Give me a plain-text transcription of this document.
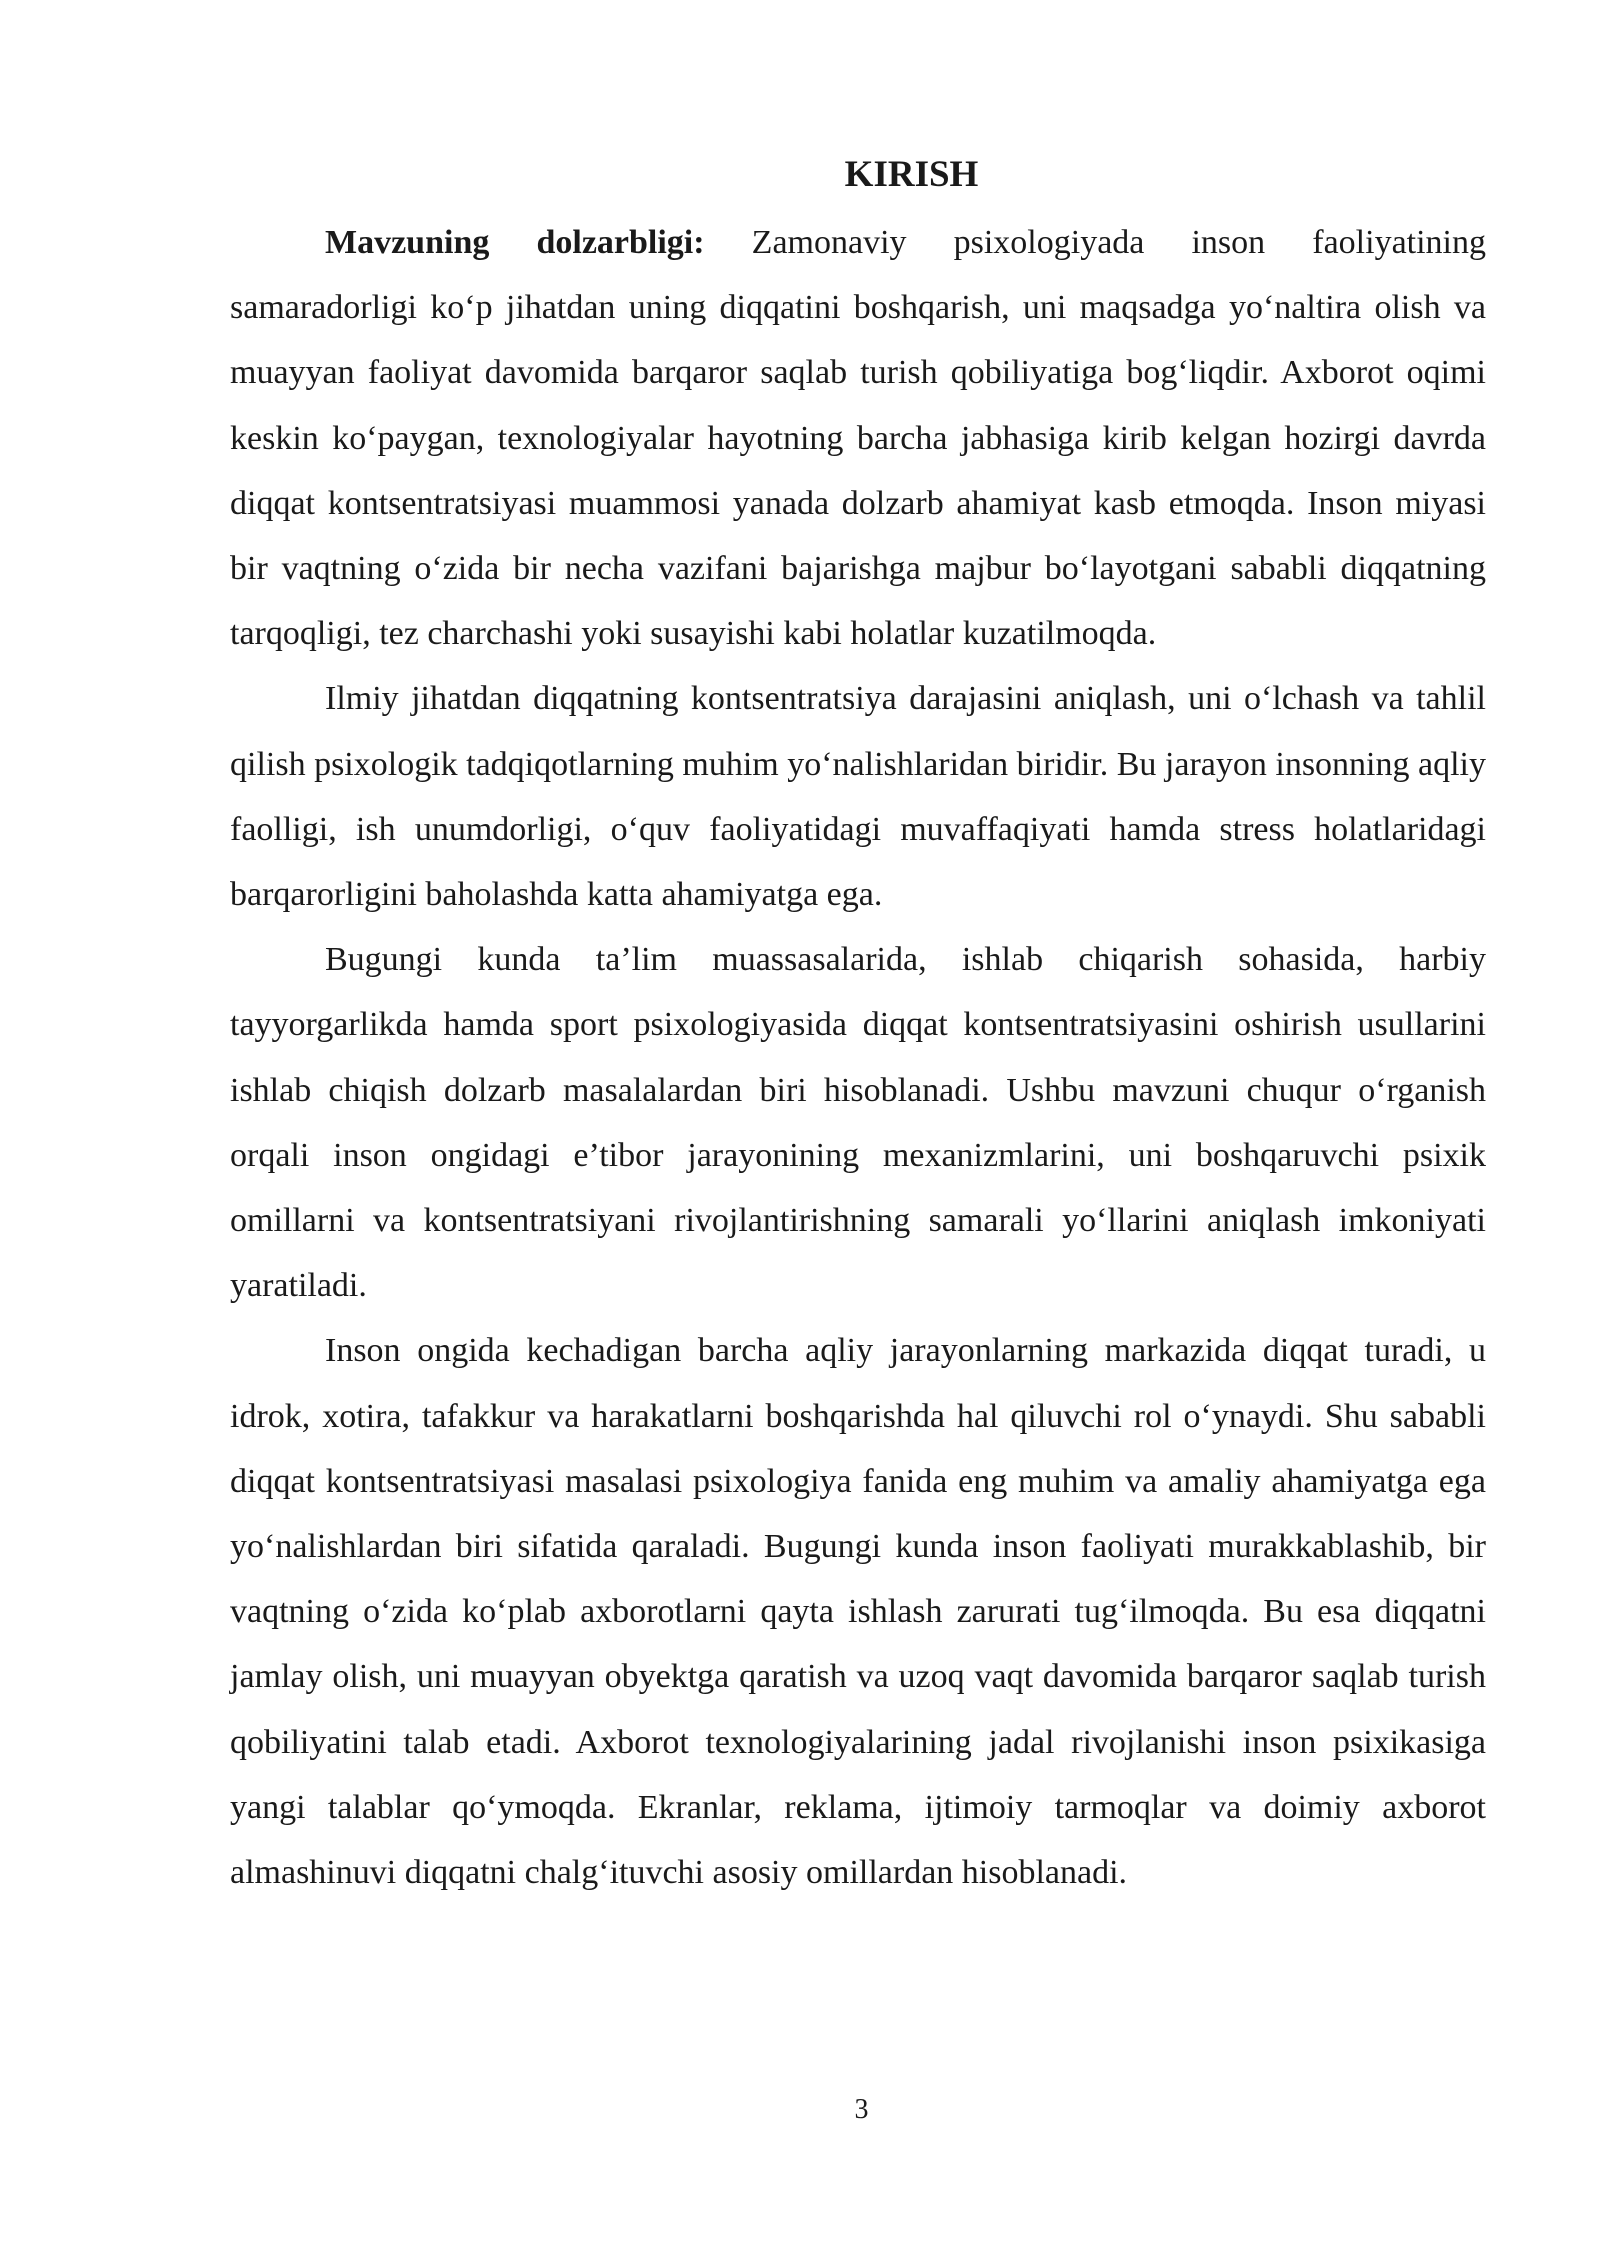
KIRISH

Mavzuning dolzarbligi: Zamonaviy psixologiyada inson faoliyatining samaradorligi koʻp jihatdan uning diqqatini boshqarish, uni maqsadga yoʻnaltira olish va muayyan faoliyat davomida barqaror saqlab turish qobiliyatiga bogʻliqdir. Axborot oqimi keskin koʻpaygan, texnologiyalar hayotning barcha jabhasiga kirib kelgan hozirgi davrda diqqat kontsentratsiyasi muammosi yanada dolzarb ahamiyat kasb etmoqda. Inson miyasi bir vaqtning oʻzida bir necha vazifani bajarishga majbur boʻlayotgani sababli diqqatning tarqoqligi, tez charchashi yoki susayishi kabi holatlar kuzatilmoqda.

Ilmiy jihatdan diqqatning kontsentratsiya darajasini aniqlash, uni oʻlchash va tahlil qilish psixologik tadqiqotlarning muhim yoʻnalishlaridan biridir. Bu jarayon insonning aqliy faolligi, ish unumdorligi, oʻquv faoliyatidagi muvaffaqiyati hamda stress holatlaridagi barqarorligini baholashda katta ahamiyatga ega.

Bugungi kunda ta’lim muassasalarida, ishlab chiqarish sohasida, harbiy tayyorgarlikda hamda sport psixologiyasida diqqat kontsentratsiyasini oshirish usullarini ishlab chiqish dolzarb masalalardan biri hisoblanadi. Ushbu mavzuni chuqur oʻrganish orqali inson ongidagi e’tibor jarayonining mexanizmlarini, uni boshqaruvchi psixik omillarni va kontsentratsiyani rivojlantirishning samarali yoʻllarini aniqlash imkoniyati yaratiladi.

Inson ongida kechadigan barcha aqliy jarayonlarning markazida diqqat turadi, u idrok, xotira, tafakkur va harakatlarni boshqarishda hal qiluvchi rol oʻynaydi. Shu sababli diqqat kontsentratsiyasi masalasi psixologiya fanida eng muhim va amaliy ahamiyatga ega yoʻnalishlardan biri sifatida qaraladi. Bugungi kunda inson faoliyati murakkablashib, bir vaqtning oʻzida koʻplab axborotlarni qayta ishlash zarurati tugʻilmoqda. Bu esa diqqatni jamlay olish, uni muayyan obyektga qaratish va uzoq vaqt davomida barqaror saqlab turish qobiliyatini talab etadi. Axborot texnologiyalarining jadal rivojlanishi inson psixikasiga yangi talablar qoʻymoqda. Ekranlar, reklama, ijtimoiy tarmoqlar va doimiy axborot almashinuvi diqqatni chalgʻituvchi asosiy omillardan hisoblanadi.

3
